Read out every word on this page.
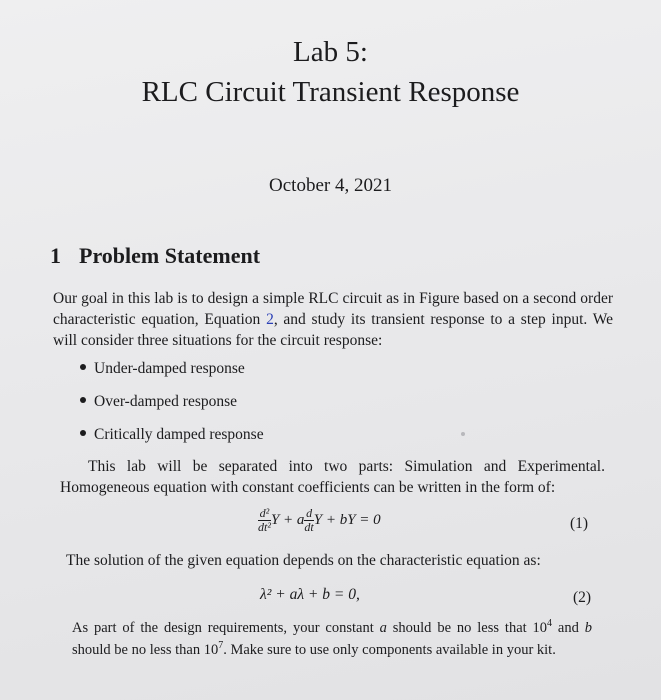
Lab 5:
RLC Circuit Transient Response
October 4, 2021
1 Problem Statement
Our goal in this lab is to design a simple RLC circuit as in Figure based on a second order characteristic equation, Equation 2, and study its transient response to a step input. We will consider three situations for the circuit response:
Under-damped response
Over-damped response
Critically damped response
This lab will be separated into two parts: Simulation and Experimental. Homogeneous equation with constant coefficients can be written in the form of:
$\frac{\text{d²}}{\text{dt²}}Y + a \frac{d}{dt}Y$ + bY = 0	(1)
The solution of the given equation depends on the characteristic equation as:
λ² + aλ + b = 0,	(2)
As part of the design requirements, your constant a should be no less that $10^4$ and b should be no less than $10^7$. Make sure to use only components available in your kit.
